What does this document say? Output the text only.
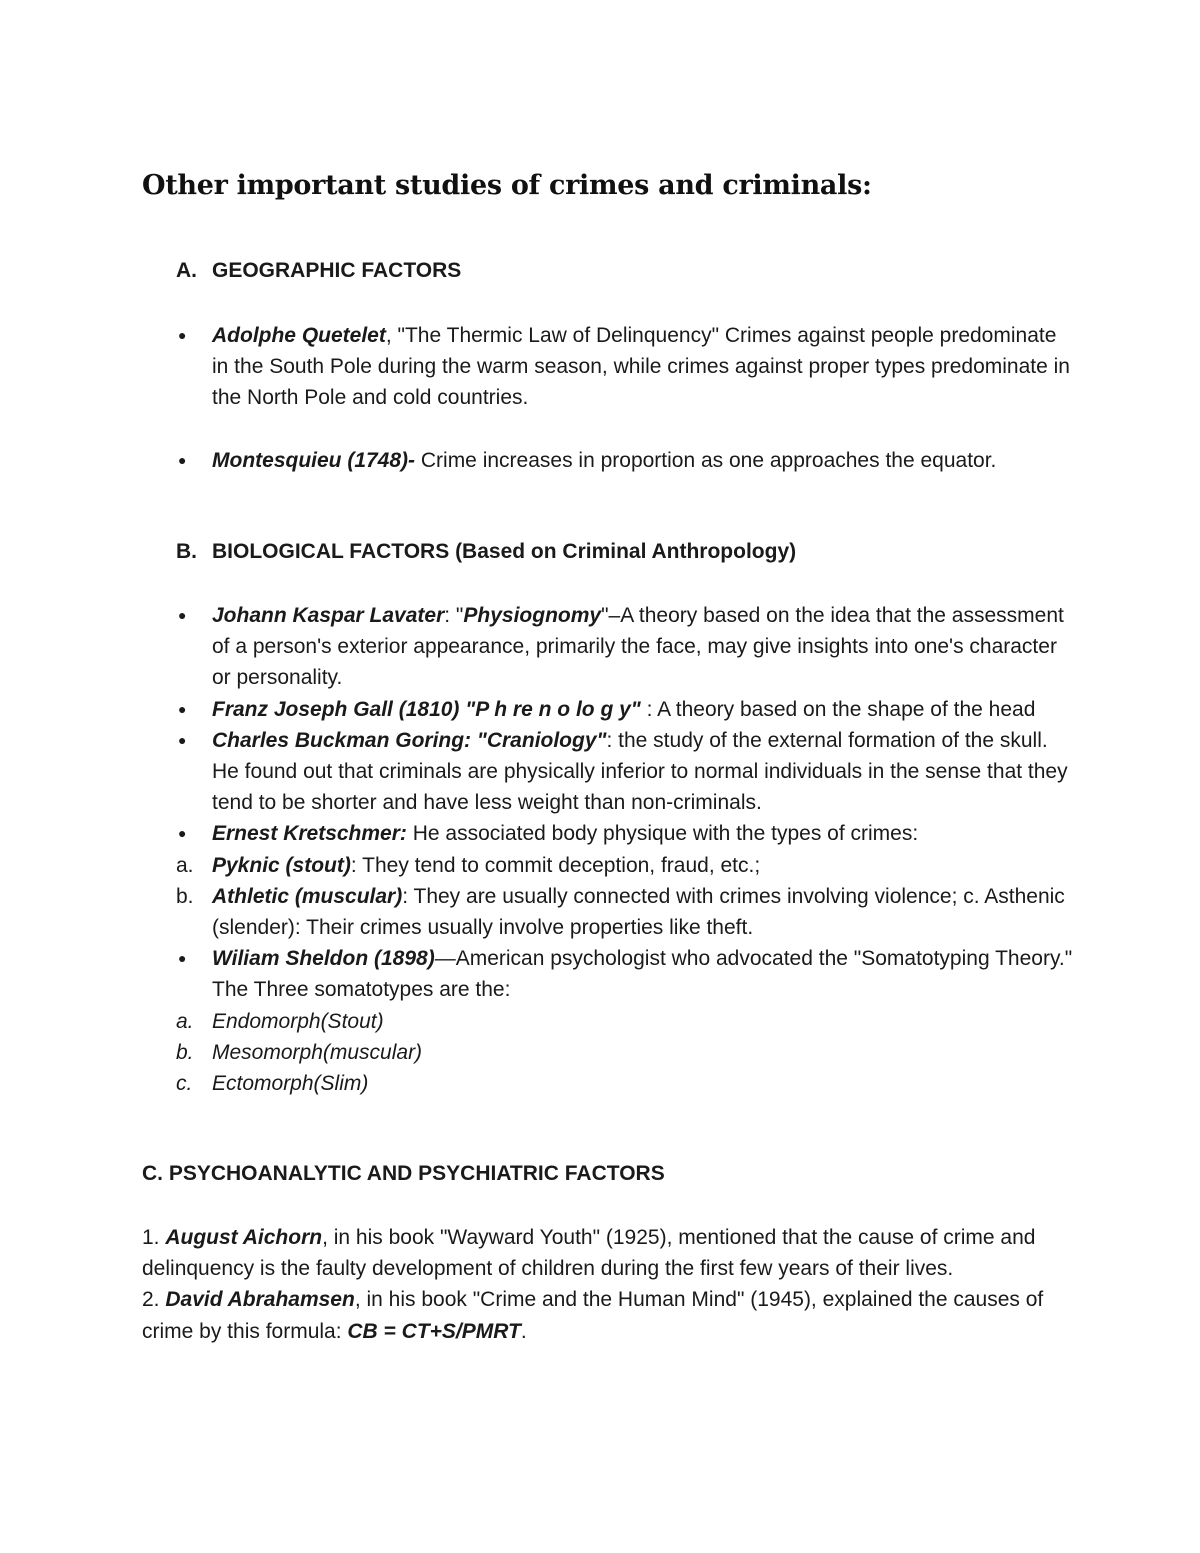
Other important studies of crimes and criminals:
A. GEOGRAPHIC FACTORS
●	Adolphe Quetelet, "The Thermic Law of Delinquency" Crimes against people predominate in the South Pole during the warm season, while crimes against proper types predominate in the North Pole and cold countries.
●	Montesquieu (1748)- Crime increases in proportion as one approaches the equator.
B. BIOLOGICAL FACTORS (Based on Criminal Anthropology)
●	Johann Kaspar Lavater: "Physiognomy"–A theory based on the idea that the assessment of a person's exterior appearance, primarily the face, may give insights into one's character or personality.
●	Franz Joseph Gall (1810) "P h re n o lo g y" : A theory based on the shape of the head
●	Charles Buckman Goring: "Craniology": the study of the external formation of the skull. He found out that criminals are physically inferior to normal individuals in the sense that they tend to be shorter and have less weight than non-criminals.
●	Ernest Kretschmer: He associated body physique with the types of crimes:
a. Pyknic (stout): They tend to commit deception, fraud, etc.;
b. Athletic (muscular): They are usually connected with crimes involving violence; c. Asthenic (slender): Their crimes usually involve properties like theft.
●	Wiliam Sheldon (1898)—American psychologist who advocated the "Somatotyping Theory." The Three somatotypes are the:
a. Endomorph(Stout)
b. Mesomorph(muscular)
c. Ectomorph(Slim)
C. PSYCHOANALYTIC AND PSYCHIATRIC FACTORS
1. August Aichorn, in his book "Wayward Youth" (1925), mentioned that the cause of crime and delinquency is the faulty development of children during the first few years of their lives.
2. David Abrahamsen, in his book "Crime and the Human Mind" (1945), explained the causes of crime by this formula: CB = CT+S/PMRT.
